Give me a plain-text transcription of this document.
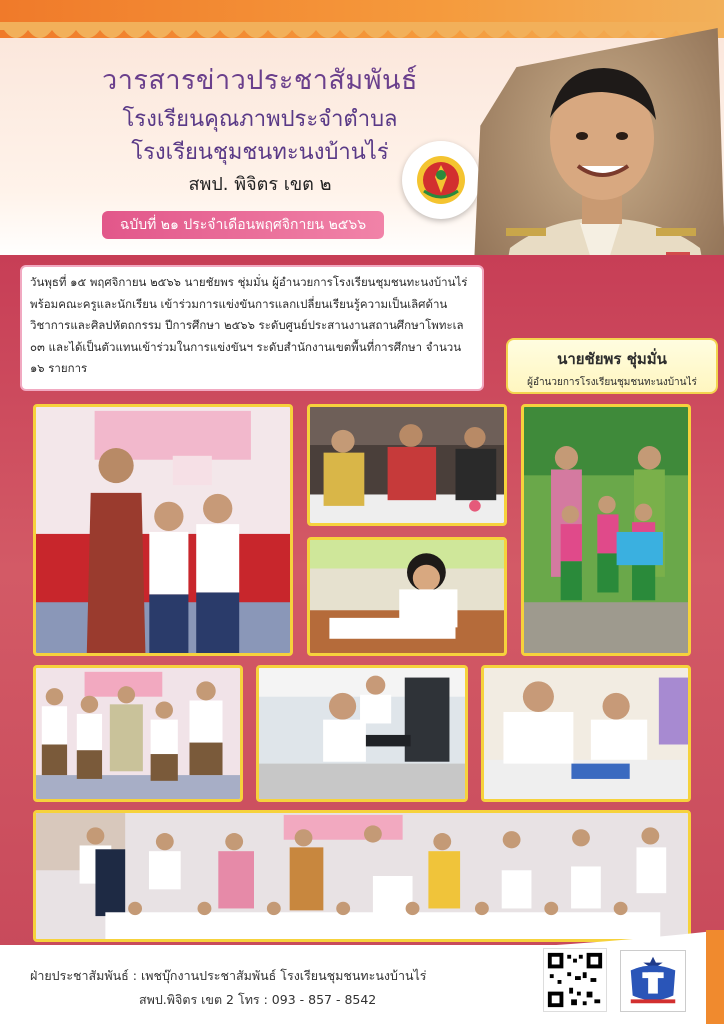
วารสารข่าวประชาสัมพันธ์
โรงเรียนคุณภาพประจำตำบล
โรงเรียนชุมชนทะนงบ้านไร่
สพป. พิจิตร เขต ๒
ฉบับที่ ๒๑ ประจำเดือนพฤศจิกายน ๒๕๖๖
วันพุธที่ ๑๕ พฤศจิกายน ๒๕๖๖ นายชัยพร ชุ่มมั่น ผู้อำนวยการโรงเรียนชุมชนทะนงบ้านไร่ พร้อมคณะครูและนักเรียน เข้าร่วมการแข่งขันการแลกเปลี่ยนเรียนรู้ความเป็นเลิศด้านวิชาการและศิลปหัตถกรรม ปีการศึกษา ๒๕๖๖ ระดับศูนย์ประสานงานสถานศึกษาโพทะเล ๐๓ และได้เป็นตัวแทนเข้าร่วมในการแข่งขันฯ ระดับสำนักงานเขตพื้นที่การศึกษา จำนวน ๑๖ รายการ
นายชัยพร ชุ่มมั่น
ผู้อำนวยการโรงเรียนชุมชนทะนงบ้านไร่
ฝ่ายประชาสัมพันธ์ : เพชบุ๊กงานประชาสัมพันธ์ โรงเรียนชุมชนทะนงบ้านไร่
สพป.พิจิตร เขต 2 โทร : 093 - 857 - 8542
